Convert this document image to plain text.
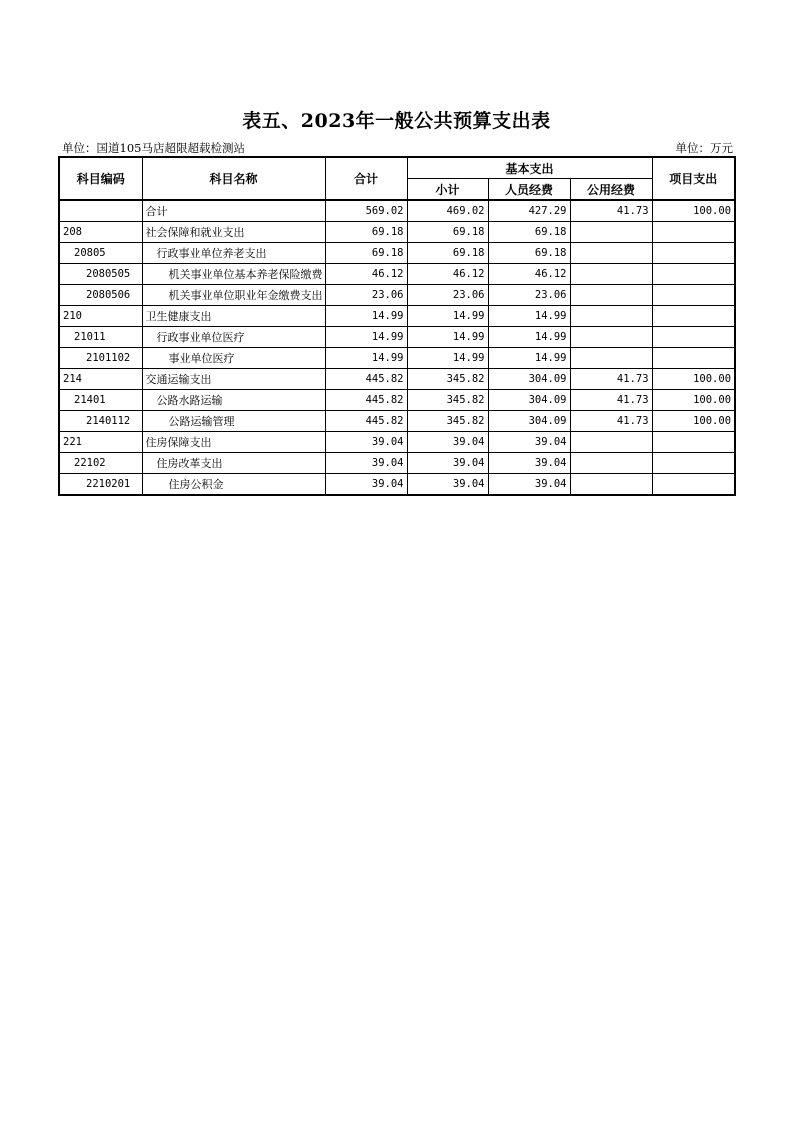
表五、2023年一般公共预算支出表
单位：国道105马店超限超载检测站	单位：万元
科目编码	科目名称	合计	基本支出			项目支出
			小计	人员经费	公用经费	
	合计	569.02	469.02	427.29	41.73	100.00
208	社会保障和就业支出	69.18	69.18	69.18		
20805	行政事业单位养老支出	69.18	69.18	69.18		
2080505	机关事业单位基本养老保险缴费	46.12	46.12	46.12		
2080506	机关事业单位职业年金缴费支出	23.06	23.06	23.06		
210	卫生健康支出	14.99	14.99	14.99		
21011	行政事业单位医疗	14.99	14.99	14.99		
2101102	事业单位医疗	14.99	14.99	14.99		
214	交通运输支出	445.82	345.82	304.09	41.73	100.00
21401	公路水路运输	445.82	345.82	304.09	41.73	100.00
2140112	公路运输管理	445.82	345.82	304.09	41.73	100.00
221	住房保障支出	39.04	39.04	39.04		
22102	住房改革支出	39.04	39.04	39.04		
2210201	住房公积金	39.04	39.04	39.04		
